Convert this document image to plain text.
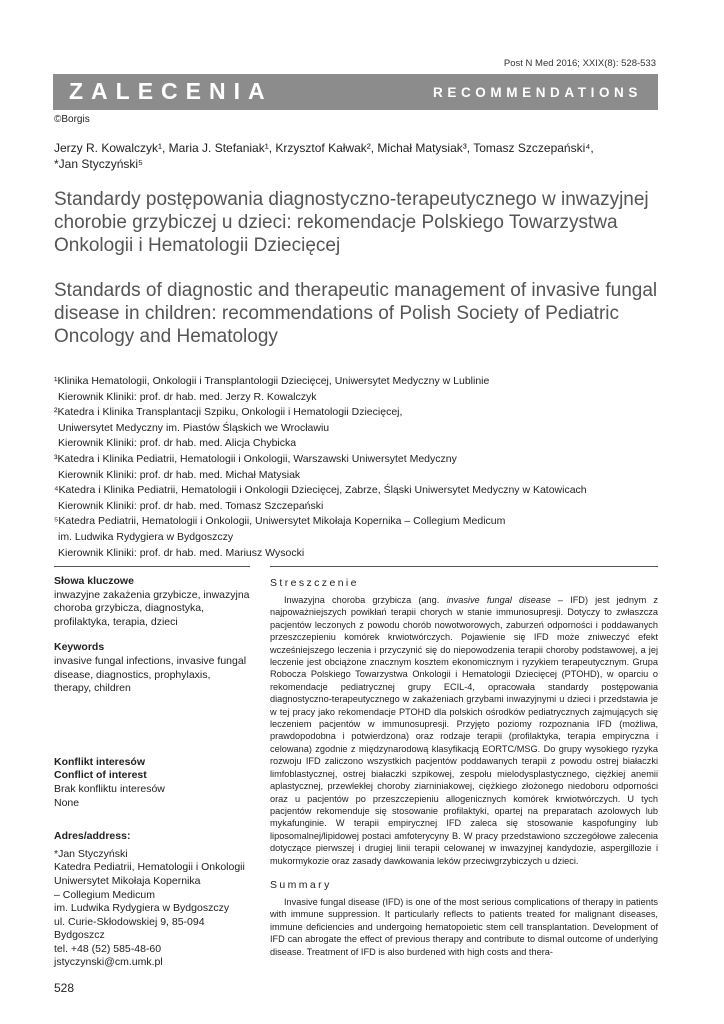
Post N Med 2016; XXIX(8): 528-533
ZALECENIA	RECOMMENDATIONS
©Borgis
Jerzy R. Kowalczyk¹, Maria J. Stefaniak¹, Krzysztof Kałwak², Michał Matysiak³, Tomasz Szczepański⁴,
*Jan Styczyński⁵
Standardy postępowania diagnostyczno-terapeutycznego w inwazyjnej chorobie grzybiczej u dzieci: rekomendacje Polskiego Towarzystwa Onkologii i Hematologii Dziecięcej
Standards of diagnostic and therapeutic management of invasive fungal disease in children: recommendations of Polish Society of Pediatric Oncology and Hematology
¹Klinika Hematologii, Onkologii i Transplantologii Dziecięcej, Uniwersytet Medyczny w Lublinie
Kierownik Kliniki: prof. dr hab. med. Jerzy R. Kowalczyk
²Katedra i Klinika Transplantacji Szpiku, Onkologii i Hematologii Dziecięcej,
Uniwersytet Medyczny im. Piastów Śląskich we Wrocławiu
Kierownik Kliniki: prof. dr hab. med. Alicja Chybicka
³Katedra i Klinika Pediatrii, Hematologii i Onkologii, Warszawski Uniwersytet Medyczny
Kierownik Kliniki: prof. dr hab. med. Michał Matysiak
⁴Katedra i Klinika Pediatrii, Hematologii i Onkologii Dziecięcej, Zabrze, Śląski Uniwersytet Medyczny w Katowicach
Kierownik Kliniki: prof. dr hab. med. Tomasz Szczepański
⁵Katedra Pediatrii, Hematologii i Onkologii, Uniwersytet Mikołaja Kopernika – Collegium Medicum
im. Ludwika Rydygiera w Bydgoszczy
Kierownik Kliniki: prof. dr hab. med. Mariusz Wysocki
Słowa kluczowe
inwazyjne zakażenia grzybicze, inwazyjna choroba grzybicza, diagnostyka, profilaktyka, terapia, dzieci
Keywords
invasive fungal infections, invasive fungal disease, diagnostics, prophylaxis, therapy, children
Konflikt interesów
Conflict of interest
Brak konfliktu interesów
None
Adres/address:
*Jan Styczyński
Katedra Pediatrii, Hematologii i Onkologii
Uniwersytet Mikołaja Kopernika
– Collegium Medicum
im. Ludwika Rydygiera w Bydgoszczy
ul. Curie-Skłodowskiej 9, 85-094 Bydgoszcz
tel. +48 (52) 585-48-60
jstyczynski@cm.umk.pl
Streszczenie

Inwazyjna choroba grzybicza (ang. invasive fungal disease – IFD) jest jednym z najpoważniejszych powikłań terapii chorych w stanie immunosupresji. Dotyczy to zwłaszcza pacjentów leczonych z powodu chorób nowotworowych, zaburzeń odporności i poddawanych przeszczepieniu komórek krwiotwórczych. Pojawienie się IFD może zniweczyć efekt wcześniejszego leczenia i przyczynić się do niepowodzenia terapii choroby podstawowej, a jej leczenie jest obciążone znacznym kosztem ekonomicznym i ryzykiem terapeutycznym. Grupa Robocza Polskiego Towarzystwa Onkologii i Hematologii Dziecięcej (PTOHD), w oparciu o rekomendacje pediatrycznej grupy ECIL-4, opracowała standardy postępowania diagnostyczno-terapeutycznego w zakażeniach grzybami inwazyjnymi u dzieci i przedstawia je w tej pracy jako rekomendacje PTOHD dla polskich ośrodków pediatrycznych zajmujących się leczeniem pacjentów w immunosupresji. Przyjęto poziomy rozpoznania IFD (możliwa, prawdopodobna i potwierdzona) oraz rodzaje terapii (profilaktyka, terapia empiryczna i celowana) zgodnie z międzynarodową klasyfikacją EORTC/MSG. Do grupy wysokiego ryzyka rozwoju IFD zaliczono wszystkich pacjentów poddawanych terapii z powodu ostrej białaczki limfoblastycznej, ostrej białaczki szpikowej, zespołu mielodysplastycznego, ciężkiej anemii aplastycznej, przewlekłej choroby ziarniniakowej, ciężkiego złożonego niedoboru odporności oraz u pacjentów po przeszczepieniu allogenicznych komórek krwiotwórczych. U tych pacjentów rekomenduje się stosowanie profilaktyki, opartej na preparatach azolowych lub mykafunginie. W terapii empirycznej IFD zaleca się stosowanie kaspofunginy lub liposomalnej/lipidowej postaci amfoterycyny B. W pracy przedstawiono szczegółowe zalecenia dotyczące pierwszej i drugiej linii terapii celowanej w inwazyjnej kandydozie, aspergillozie i mukormykozie oraz zasady dawkowania leków przeciwgrzybiczych u dzieci.

Summary

Invasive fungal disease (IFD) is one of the most serious complications of therapy in patients with immune suppression. It particularly reflects to patients treated for malignant diseases, immune deficiencies and undergoing hematopoietic stem cell transplantation. Development of IFD can abrogate the effect of previous therapy and contribute to dismal outcome of underlying disease. Treatment of IFD is also burdened with high costs and thera-

528
